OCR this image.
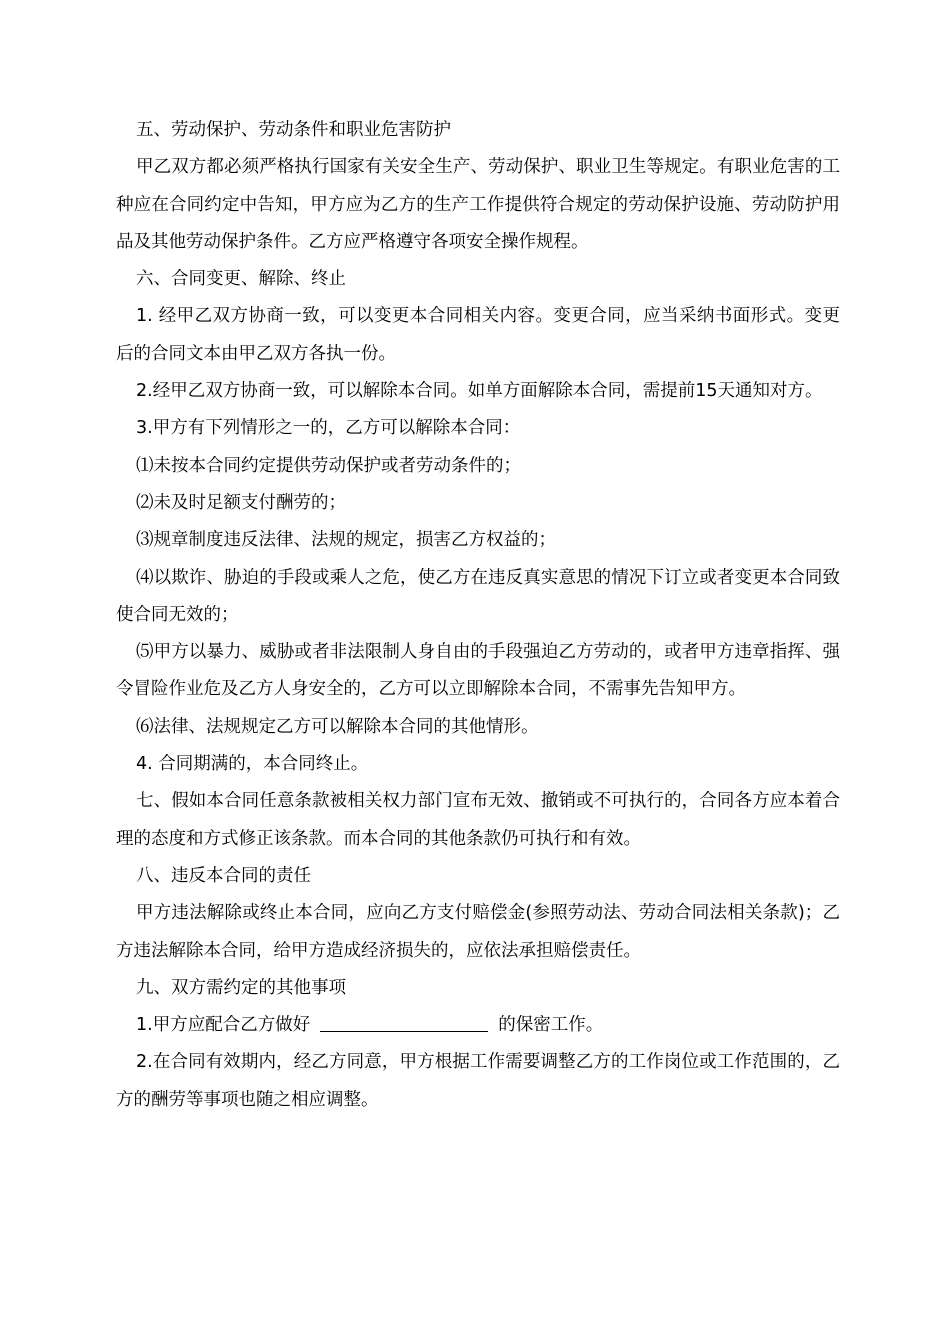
五、劳动保护、劳动条件和职业危害防护

甲乙双方都必须严格执行国家有关安全生产、劳动保护、职业卫生等规定。有职业危害的工种应在合同约定中告知，甲方应为乙方的生产工作提供符合规定的劳动保护设施、劳动防护用品及其他劳动保护条件。乙方应严格遵守各项安全操作规程。

六、合同变更、解除、终止

1. 经甲乙双方协商一致，可以变更本合同相关内容。变更合同，应当采纳书面形式。变更后的合同文本由甲乙双方各执一份。

2.经甲乙双方协商一致，可以解除本合同。如单方面解除本合同，需提前15天通知对方。

3.甲方有下列情形之一的，乙方可以解除本合同：

⑴未按本合同约定提供劳动保护或者劳动条件的；

⑵未及时足额支付酬劳的；

⑶规章制度违反法律、法规的规定，损害乙方权益的；

⑷以欺诈、胁迫的手段或乘人之危，使乙方在违反真实意思的情况下订立或者变更本合同致使合同无效的；

⑸甲方以暴力、威胁或者非法限制人身自由的手段强迫乙方劳动的，或者甲方违章指挥、强令冒险作业危及乙方人身安全的，乙方可以立即解除本合同，不需事先告知甲方。

⑹法律、法规规定乙方可以解除本合同的其他情形。

4. 合同期满的，本合同终止。

七、假如本合同任意条款被相关权力部门宣布无效、撤销或不可执行的，合同各方应本着合理的态度和方式修正该条款。而本合同的其他条款仍可执行和有效。

八、违反本合同的责任

甲方违法解除或终止本合同，应向乙方支付赔偿金(参照劳动法、劳动合同法相关条款)；乙方违法解除本合同，给甲方造成经济损失的，应依法承担赔偿责任。

九、双方需约定的其他事项

1.甲方应配合乙方做好	的保密工作。

2.在合同有效期内，经乙方同意，甲方根据工作需要调整乙方的工作岗位或工作范围的，乙方的酬劳等事项也随之相应调整。
